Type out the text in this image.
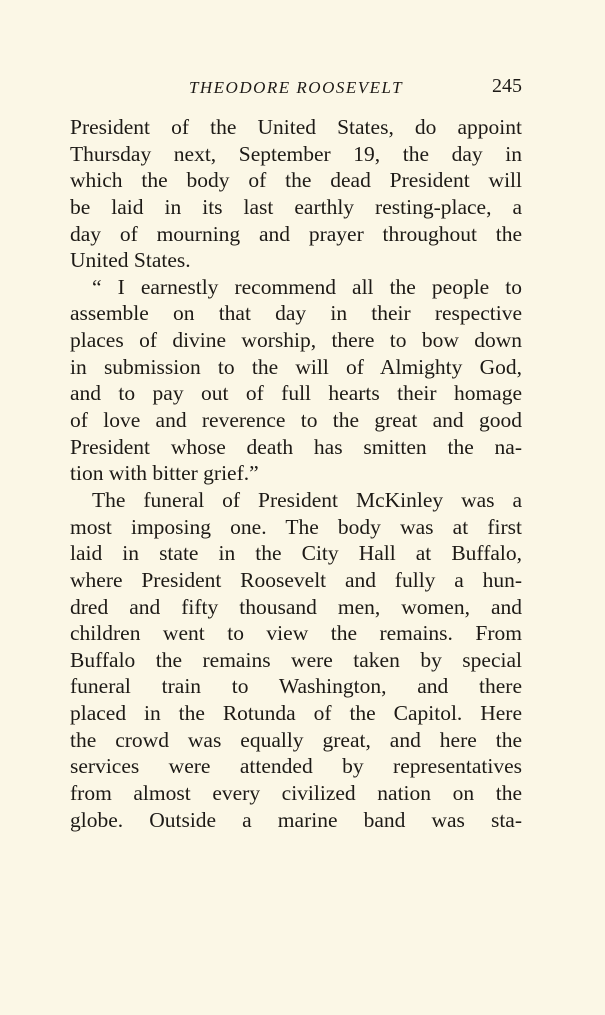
THEODORE ROOSEVELT	245
President of the United States, do appoint
Thursday next, September 19, the day in
which the body of the dead President will
be laid in its last earthly resting-place, a
day of mourning and prayer throughout the
United States.
“ I earnestly recommend all the people to
assemble on that day in their respective
places of divine worship, there to bow down
in submission to the will of Almighty God,
and to pay out of full hearts their homage
of love and reverence to the great and good
President whose death has smitten the na-
tion with bitter grief.”
The funeral of President McKinley was a
most imposing one. The body was at first
laid in state in the City Hall at Buffalo,
where President Roosevelt and fully a hun-
dred and fifty thousand men, women, and
children went to view the remains. From
Buffalo the remains were taken by special
funeral train to Washington, and there
placed in the Rotunda of the Capitol. Here
the crowd was equally great, and here the
services were attended by representatives
from almost every civilized nation on the
globe. Outside a marine band was sta-
